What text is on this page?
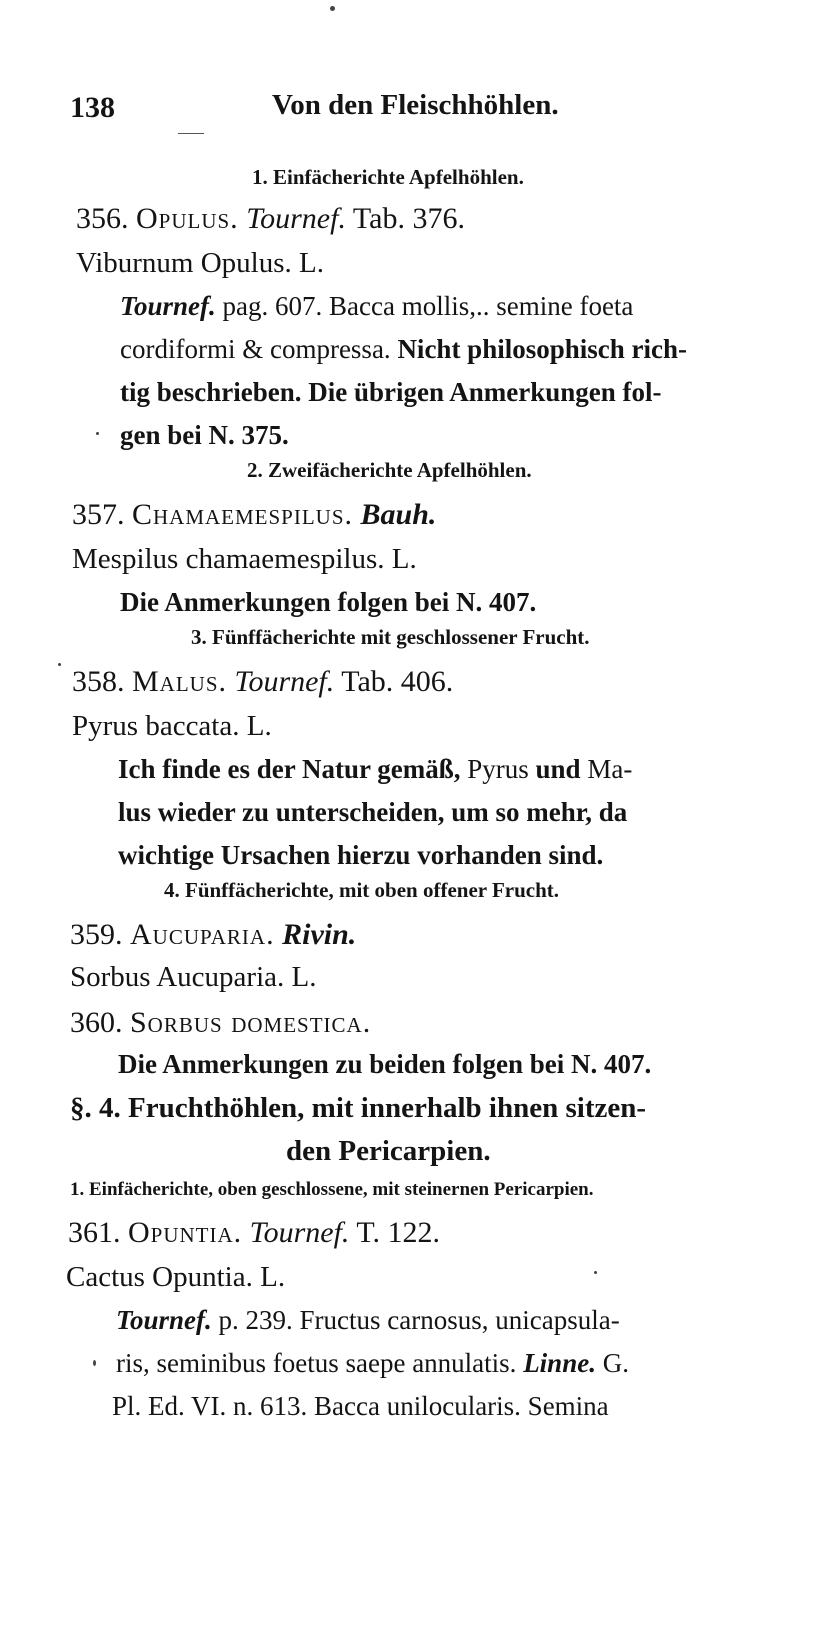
138	Von den Fleischhöhlen.
1. Einfächerichte Apfelhöhlen.
356. Opulus. Tournef. Tab. 376.
Viburnum Opulus. L.
Tournef. pag. 607. Bacca mollis,.. semine foeta
cordiformi & compressa. Nicht philosophisch rich-
tig beschrieben. Die übrigen Anmerkungen fol-
gen bei N. 375.
2. Zweifächerichte Apfelhöhlen.
357. Chamaemespilus. Bauh.
Mespilus chamaemespilus. L.
Die Anmerkungen folgen bei N. 407.
3. Fünffächerichte mit geschlossener Frucht.
358. Malus. Tournef. Tab. 406.
Pyrus baccata. L.
Ich finde es der Natur gemäß, Pyrus und Ma-
lus wieder zu unterscheiden, um so mehr, da
wichtige Ursachen hierzu vorhanden sind.
4. Fünffächerichte, mit oben offener Frucht.
359. Aucuparia. Rivin.
Sorbus Aucuparia. L.
360. Sorbus domestica.
Die Anmerkungen zu beiden folgen bei N. 407.
§. 4. Fruchthöhlen, mit innerhalb ihnen sitzen-
den Pericarpien.
1. Einfächerichte, oben geschlossene, mit steinernen Pericarpien.
361. Opuntia. Tournef. T. 122.
Cactus Opuntia. L.
Tournef. p. 239. Fructus carnosus, unicapsula-
ris, seminibus foetus saepe annulatis. Linne. G.
Pl. Ed. VI. n. 613. Bacca unilocularis. Semina
